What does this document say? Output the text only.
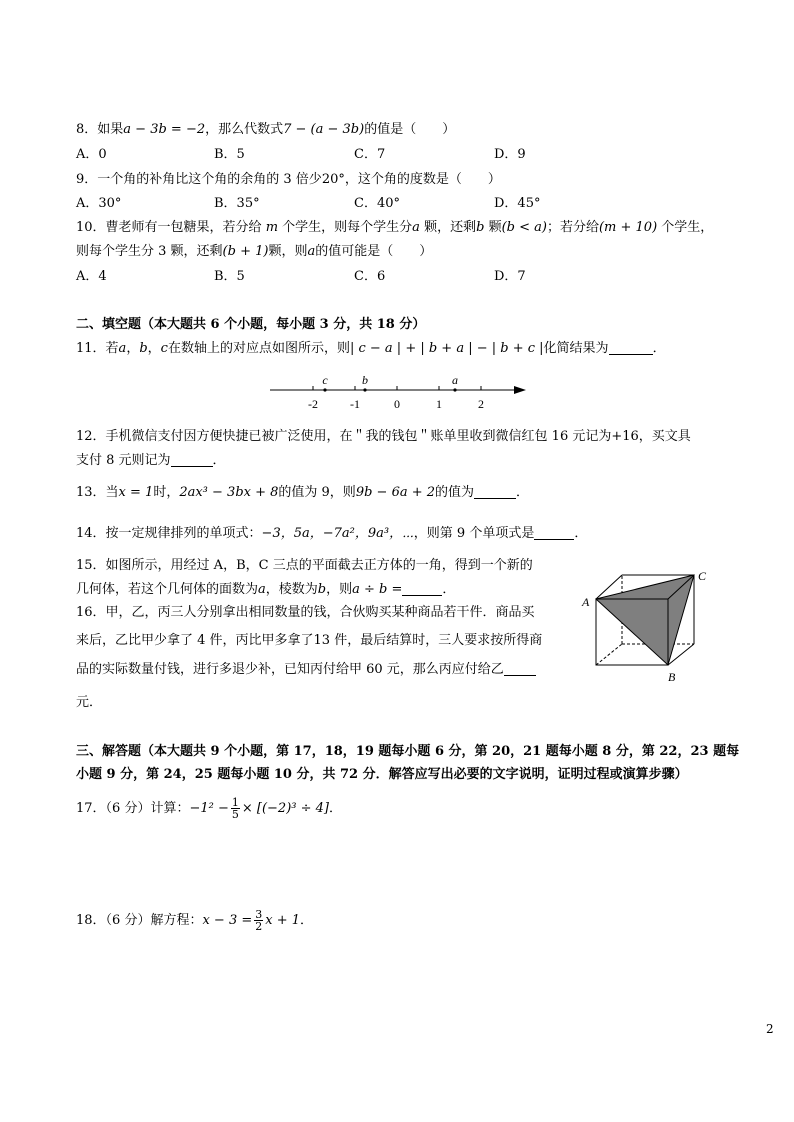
8．如果a − 3b = −2，那么代数式7 − (a − 3b)的值是（　　）
A．0	B．5	C．7	D．9
9．一个角的补角比这个角的余角的 3 倍少20°，这个角的度数是（　　）
A．30°	B．35°	C．40°	D．45°
10．曹老师有一包糖果，若分给 m 个学生，则每个学生分a 颗，还剩b 颗(b < a)；若分给(m + 10) 个学生，
则每个学生分 3 颗，还剩(b + 1)颗，则a的值可能是（　　）
A．4	B．5	C．6	D．7
二、填空题（本大题共 6 个小题，每小题 3 分，共 18 分）
11．若a，b，c在数轴上的对应点如图所示，则| c − a | + | b + a | − | b + c |化简结果为	．
c	b	a
-2	-1	0	1	2
12．手机微信支付因方便快捷已被广泛使用，在＂我的钱包＂账单里收到微信红包 16 元记为+16，买文具
支付 8 元则记为	．
13．当x = 1时，2ax³ − 3bx + 8的值为 9，则9b − 6a + 2的值为	．
14．按一定规律排列的单项式：−3，5a，−7a²，9a³，⋯，则第 9 个单项式是	．
15．如图所示，用经过 A，B，C 三点的平面截去正方体的一角，得到一个新的
几何体，若这个几何体的面数为a，棱数为b，则a ÷ b =	．
16．甲，乙，丙三人分别拿出相同数量的钱，合伙购买某种商品若干件．商品买
来后，乙比甲少拿了 4 件，丙比甲多拿了13 件，最后结算时，三人要求按所得商
品的实际数量付钱，进行多退少补，已知丙付给甲 60 元，那么丙应付给乙
元．
A
C
B
三、解答题（本大题共 9 个小题，第 17，18，19 题每小题 6 分，第 20，21 题每小题 8 分，第 22，23 题每
小题 9 分，第 24，25 题每小题 10 分，共 72 分．解答应写出必要的文字说明，证明过程或演算步骤）
17．（6 分）计算：$-1^2 - \frac{1}{5} \times [(-2)^3 \div 4]$．
18．（6 分）解方程：$x - 3 = \frac{3}{2}$ x + 1．
2
